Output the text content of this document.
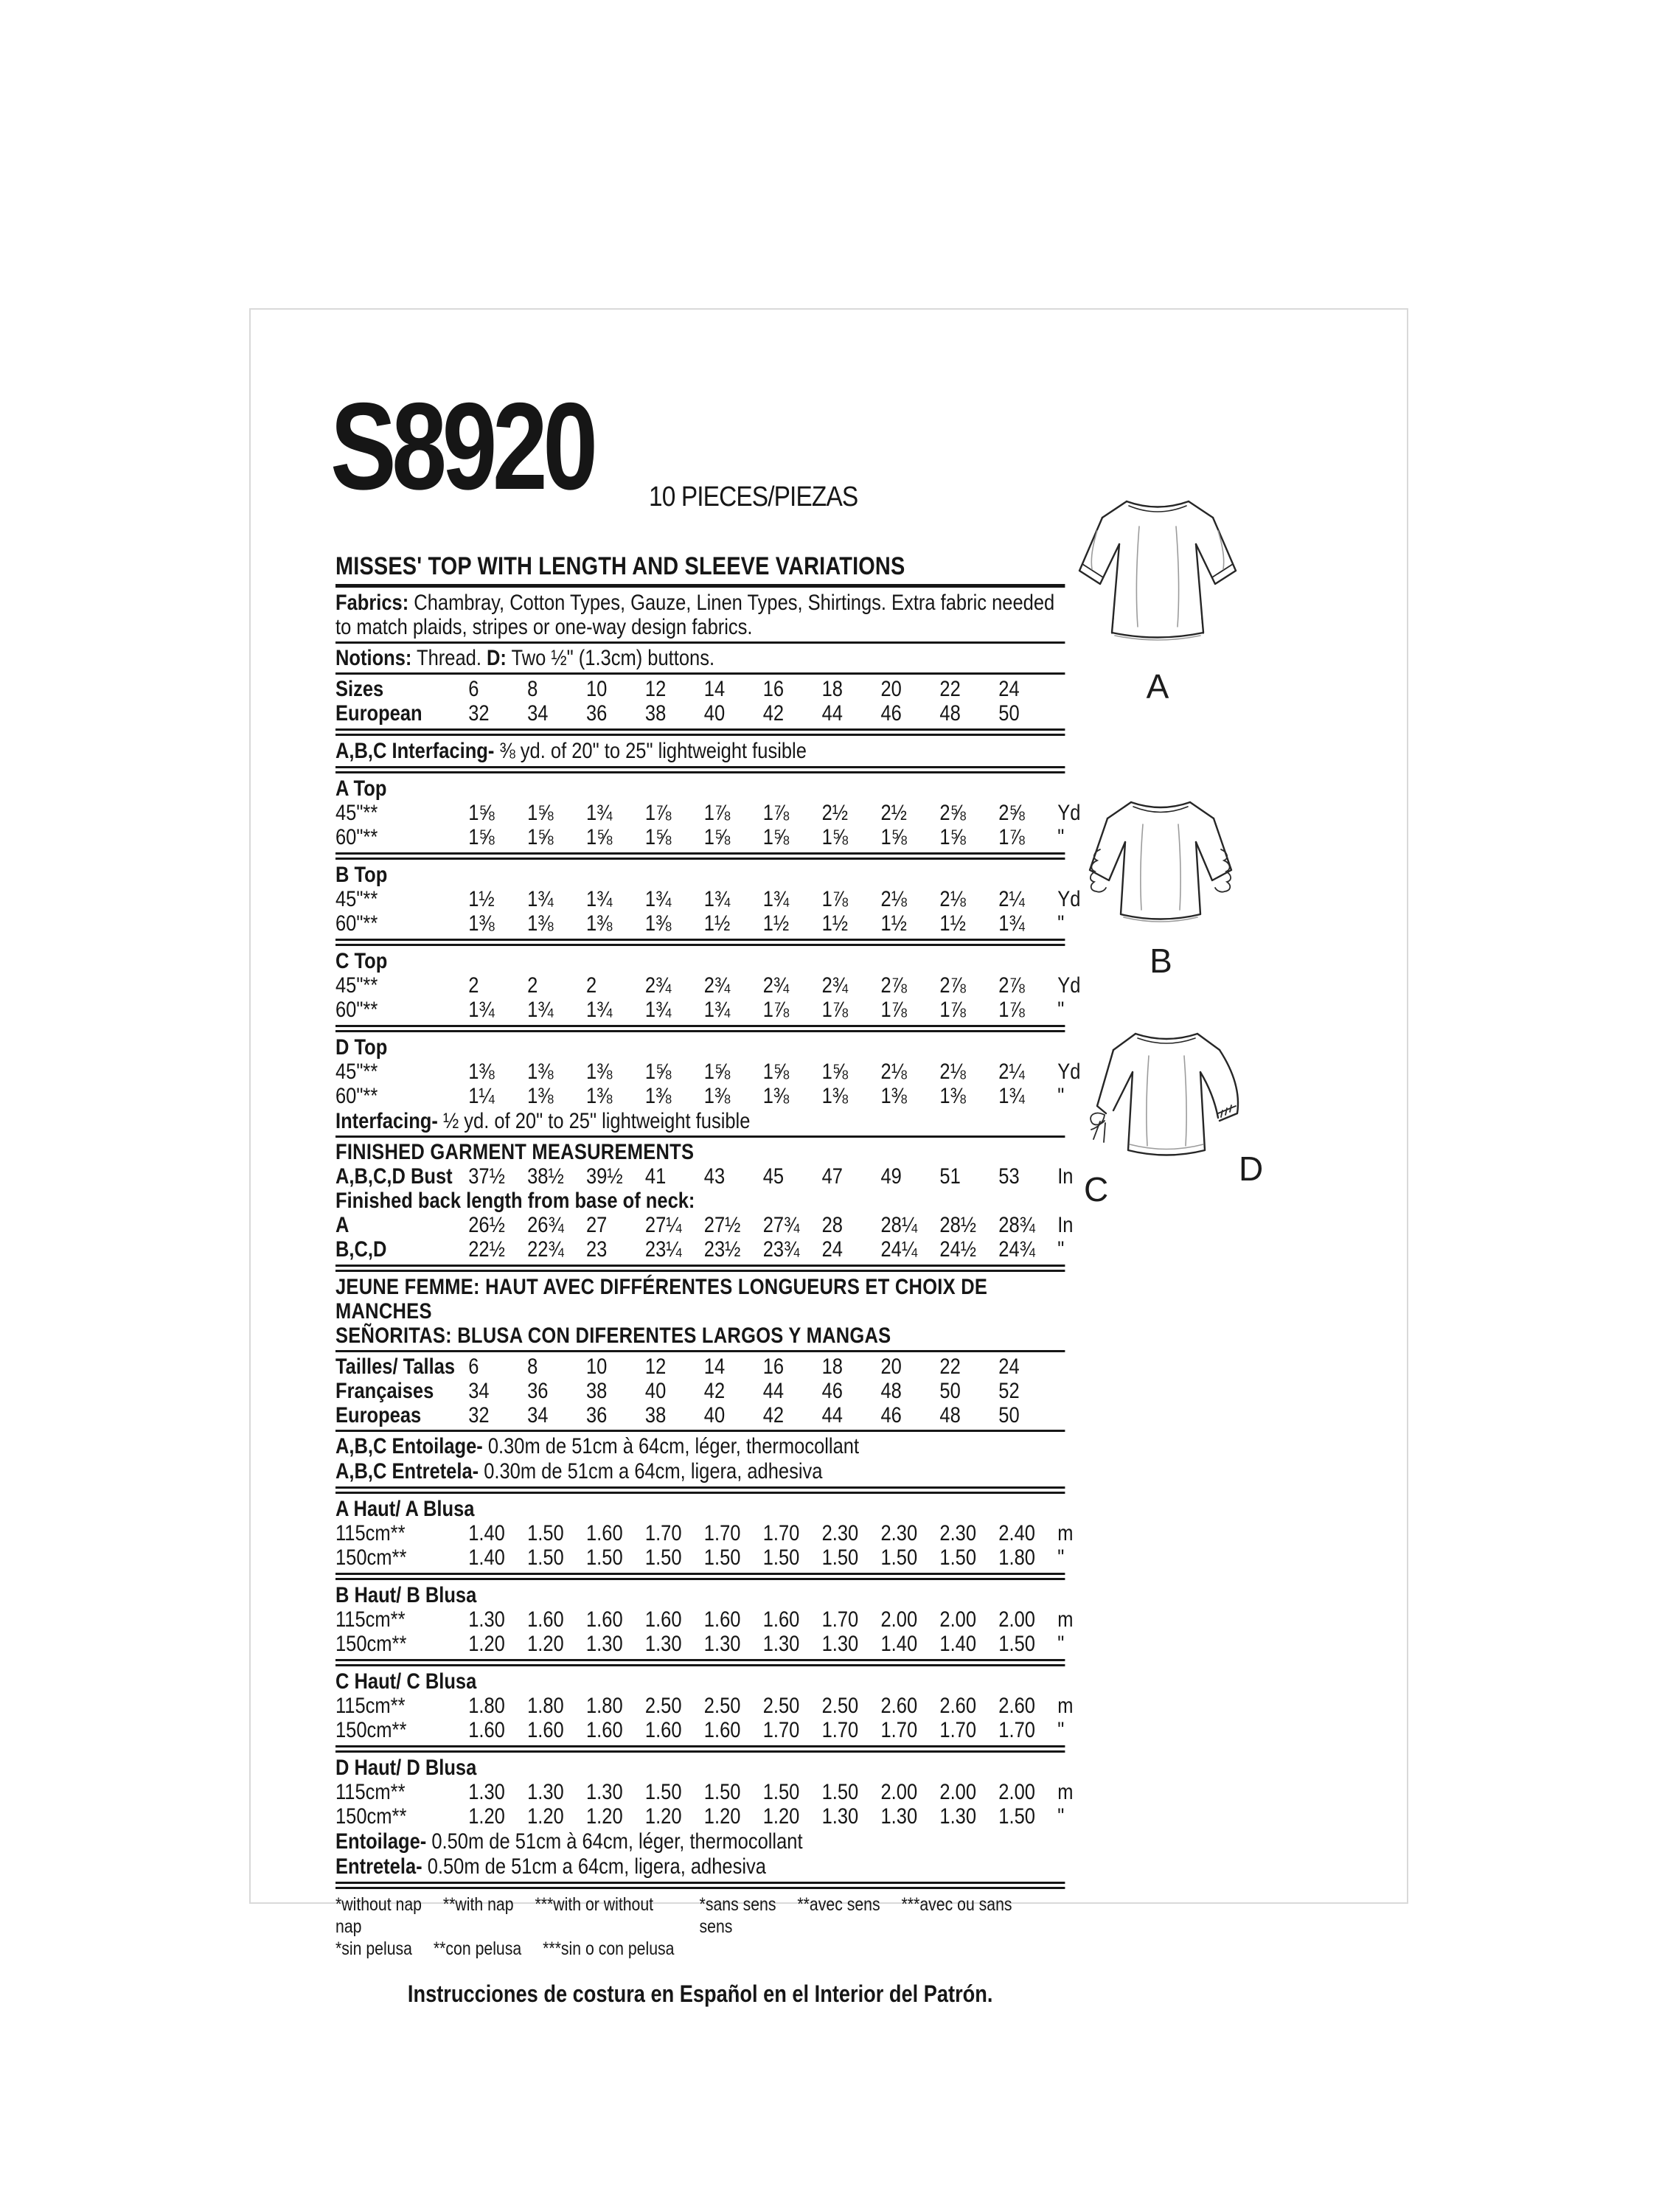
S8920 10 PIECES/PIEZAS
MISSES' TOP WITH LENGTH AND SLEEVE VARIATIONS
Fabrics: Chambray, Cotton Types, Gauze, Linen Types, Shirtings. Extra fabric needed to match plaids, stripes or one-way design fabrics.
Notions: Thread. D: Two ½" (1.3cm) buttons.
Sizes	6	8	10	12	14	16	18	20	22	24
European	32	34	36	38	40	42	44	46	48	50
A,B,C Interfacing- ⅜ yd. of 20" to 25" lightweight fusible
A Top
45"**	1⅝	1⅝	1¾	1⅞	1⅞	1⅞	2½	2½	2⅝	2⅝	Yd
60"**	1⅝	1⅝	1⅝	1⅝	1⅝	1⅝	1⅝	1⅝	1⅝	1⅞	"
B Top
45"**	1½	1¾	1¾	1¾	1¾	1¾	1⅞	2⅛	2⅛	2¼	Yd
60"**	1⅜	1⅜	1⅜	1⅜	1½	1½	1½	1½	1½	1¾	"
C Top
45"**	2	2	2	2¾	2¾	2¾	2¾	2⅞	2⅞	2⅞	Yd
60"**	1¾	1¾	1¾	1¾	1¾	1⅞	1⅞	1⅞	1⅞	1⅞	"
D Top
45"**	1⅜	1⅜	1⅜	1⅝	1⅝	1⅝	1⅝	2⅛	2⅛	2¼	Yd
60"**	1¼	1⅜	1⅜	1⅜	1⅜	1⅜	1⅜	1⅜	1⅜	1¾	"
Interfacing- ½ yd. of 20" to 25" lightweight fusible
FINISHED GARMENT MEASUREMENTS
A,B,C,D Bust 37½	38½	39½	41	43	45	47	49	51	53	In
Finished back length from base of neck:
A	26½	26¾	27	27¼	27½	27¾	28	28¼	28½	28¾	In
B,C,D	22½	22¾	23	23¼	23½	23¾	24	24¼	24½	24¾	"
JEUNE FEMME: HAUT AVEC DIFFÉRENTES LONGUEURS ET CHOIX DE MANCHES
SEÑORITAS: BLUSA CON DIFERENTES LARGOS Y MANGAS
Tailles/ Tallas 6	8	10	12	14	16	18	20	22	24
Françaises	34	36	38	40	42	44	46	48	50	52
Europeas	32	34	36	38	40	42	44	46	48	50
A,B,C Entoilage- 0.30m de 51cm à 64cm, léger, thermocollant
A,B,C Entretela- 0.30m de 51cm a 64cm, ligera, adhesiva
A Haut/ A Blusa
115cm**	1.40	1.50	1.60	1.70	1.70	1.70	2.30	2.30	2.30	2.40	m
150cm**	1.40	1.50	1.50	1.50	1.50	1.50	1.50	1.50	1.50	1.80	"
B Haut/ B Blusa
115cm**	1.30	1.60	1.60	1.60	1.60	1.60	1.70	2.00	2.00	2.00	m
150cm**	1.20	1.20	1.30	1.30	1.30	1.30	1.30	1.40	1.40	1.50	"
C Haut/ C Blusa
115cm**	1.80	1.80	1.80	2.50	2.50	2.50	2.50	2.60	2.60	2.60	m
150cm**	1.60	1.60	1.60	1.60	1.60	1.70	1.70	1.70	1.70	1.70	"
D Haut/ D Blusa
115cm**	1.30	1.30	1.30	1.50	1.50	1.50	1.50	2.00	2.00	2.00	m
150cm**	1.20	1.20	1.20	1.20	1.20	1.20	1.30	1.30	1.30	1.50	"
Entoilage- 0.50m de 51cm à 64cm, léger, thermocollant
Entretela- 0.50m de 51cm a 64cm, ligera, adhesiva
*without nap **with nap ***with or without nap
*sans sens **avec sens ***avec ou sans sens
*sin pelusa **con pelusa ***sin o con pelusa
Instrucciones de costura en Español en el Interior del Patrón.
A
B
C
D
